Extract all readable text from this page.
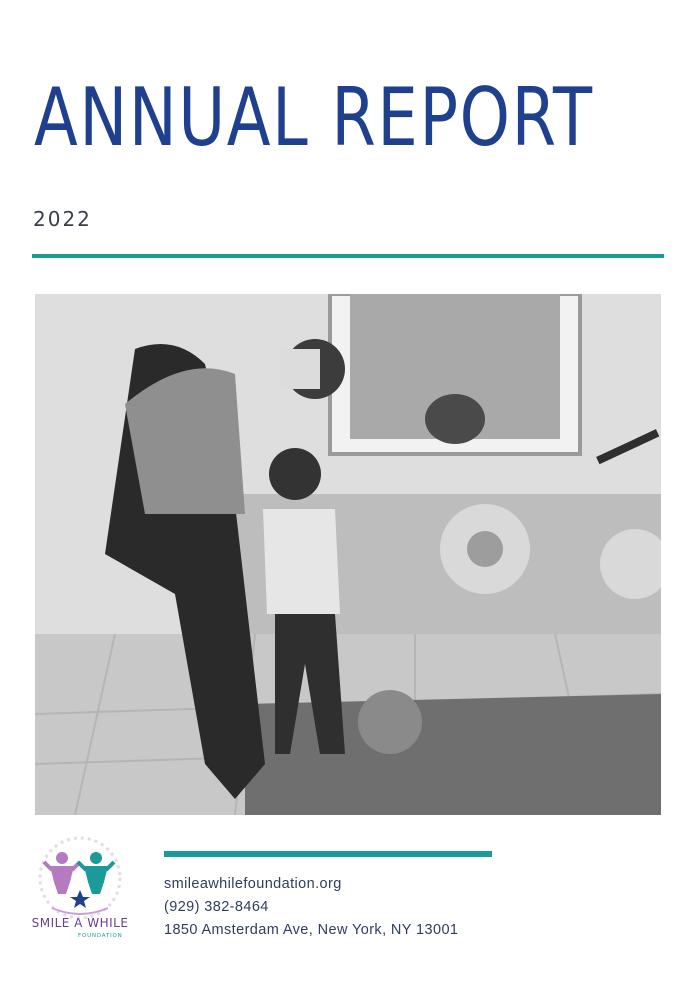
ANNUAL REPORT
2022
SMILE A WHILE
FOUNDATION
smileawhilefoundation.org
(929) 382-8464
1850 Amsterdam Ave, New York, NY 13001
